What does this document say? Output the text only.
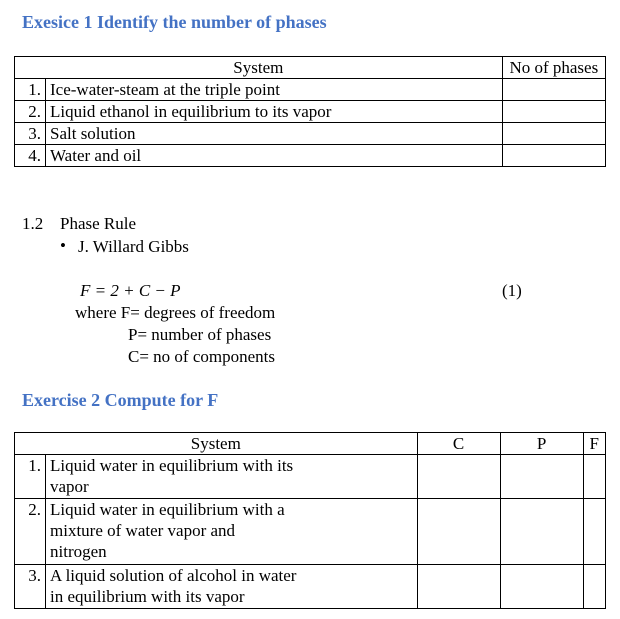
Exesice 1 Identify the number of phases
System		No of phases
1.	Ice-water-steam at the triple point	
2.	Liquid ethanol in equilibrium to its vapor	
3.	Salt solution	
4.	Water and oil	
1.2 Phase Rule
• J. Willard Gibbs
F = 2 + C − P	(1)
where F= degrees of freedom
P= number of phases
C= no of components
Exercise 2 Compute for F
System		C	P	F
1.	Liquid water in equilibrium with its
vapor			

2.	Liquid water in equilibrium with a
mixture of water vapor and
nitrogen			

3.	A liquid solution of alcohol in water
in equilibrium with its vapor			
